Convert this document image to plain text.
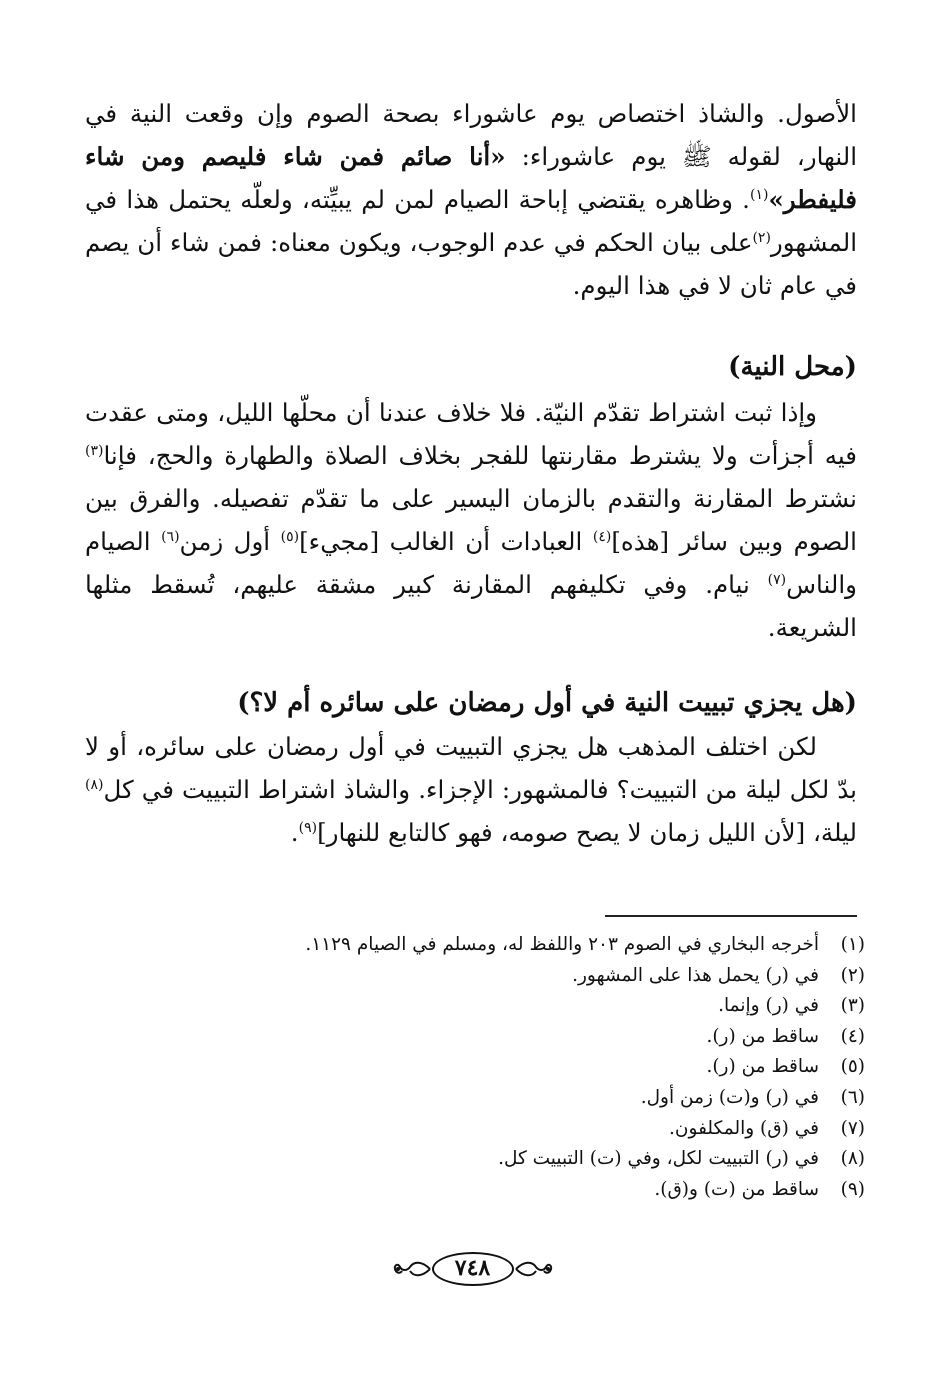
الأصول. والشاذ اختصاص يوم عاشوراء بصحة الصوم وإن وقعت النية في النهار، لقوله ﷺ يوم عاشوراء: «أنا صائم فمن شاء فليصم ومن شاء فليفطر»$^{(١)}$. وظاهره يقتضي إباحة الصيام لمن لم يبيِّته، ولعلّه يحتمل هذا في المشهور$^{(٢)}$على بيان الحكم في عدم الوجوب، ويكون معناه: فمن شاء أن يصم في عام ثان لا في هذا اليوم.

(محل النية)

وإذا ثبت اشتراط تقدّم النيّة. فلا خلاف عندنا أن محلّها الليل، ومتى عقدت فيه أجزأت ولا يشترط مقارنتها للفجر بخلاف الصلاة والطهارة والحج، فإنا$^{(٣)}$ نشترط المقارنة والتقدم بالزمان اليسير على ما تقدّم تفصيله. والفرق بين الصوم وبين سائر [هذه]$^{(٤)}$ العبادات أن الغالب [مجيء]$^{(٥)}$ أول زمن$^{(٦)}$ الصيام والناس$^{(٧)}$ نيام. وفي تكليفهم المقارنة كبير مشقة عليهم، تُسقط مثلها الشريعة.

(هل يجزي تبييت النية في أول رمضان على سائره أم لا؟)

لكن اختلف المذهب هل يجزي التبييت في أول رمضان على سائره، أو لا بدّ لكل ليلة من التبييت؟ فالمشهور: الإجزاء. والشاذ اشتراط التبييت في كل$^{(٨)}$ ليلة، [لأن الليل زمان لا يصح صومه، فهو كالتابع للنهار]$^{(٩)}$.

(١)أخرجه البخاري في الصوم ٢٠٣ واللفظ له، ومسلم في الصيام ١١٢٩.
(٢)في (ر) يحمل هذا على المشهور.
(٣)في (ر) وإنما.
(٤)ساقط من (ر).
(٥)ساقط من (ر).
(٦)في (ر) و(ت) زمن أول.
(٧)في (ق) والمكلفون.
(٨)في (ر) التبييت لكل، وفي (ت) التبييت كل.
(٩)ساقط من (ت) و(ق).
٧٤٨
